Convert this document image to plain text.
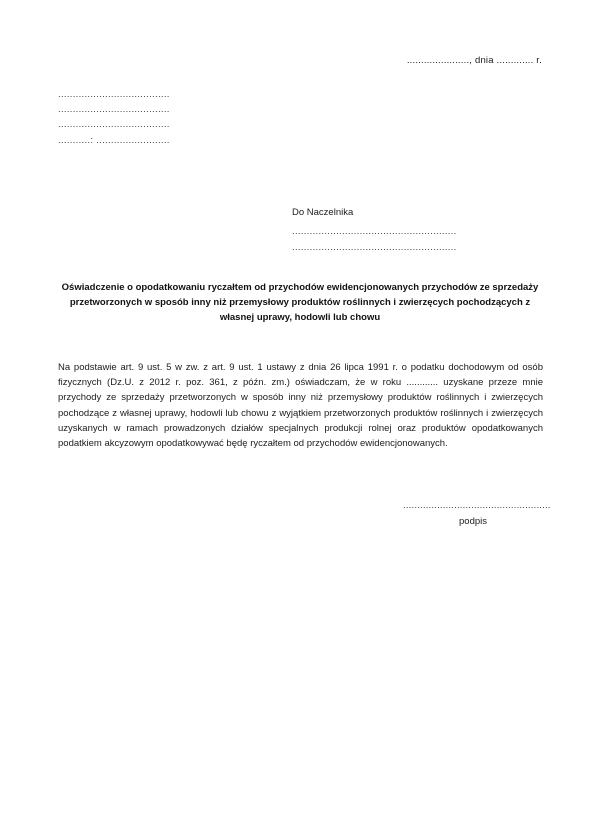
......................, dnia ............. r.
......................................
......................................
......................................
...........: .........................
Do Naczelnika
........................................................
........................................................
Oświadczenie o opodatkowaniu ryczałtem od przychodów ewidencjonowanych przychodów ze sprzedaży przetworzonych w sposób inny niż przemysłowy produktów roślinnych i zwierzęcych pochodzących z własnej uprawy, hodowli lub chowu

Na podstawie art. 9 ust. 5 w zw. z art. 9 ust. 1 ustawy z dnia 26 lipca 1991 r. o podatku dochodowym od osób fizycznych (Dz.U. z 2012 r. poz. 361, z późn. zm.) oświadczam, że w roku ............ uzyskane przeze mnie przychody ze sprzedaży przetworzonych w sposób inny niż przemysłowy produktów roślinnych i zwierzęcych pochodzące z własnej uprawy, hodowli lub chowu z wyjątkiem przetworzonych produktów roślinnych i zwierzęcych uzyskanych w ramach prowadzonych działów specjalnych produkcji rolnej oraz produktów opodatkowanych podatkiem akcyzowym opodatkowywać będę ryczałtem od przychodów ewidencjonowanych.

....................................................
podpis
